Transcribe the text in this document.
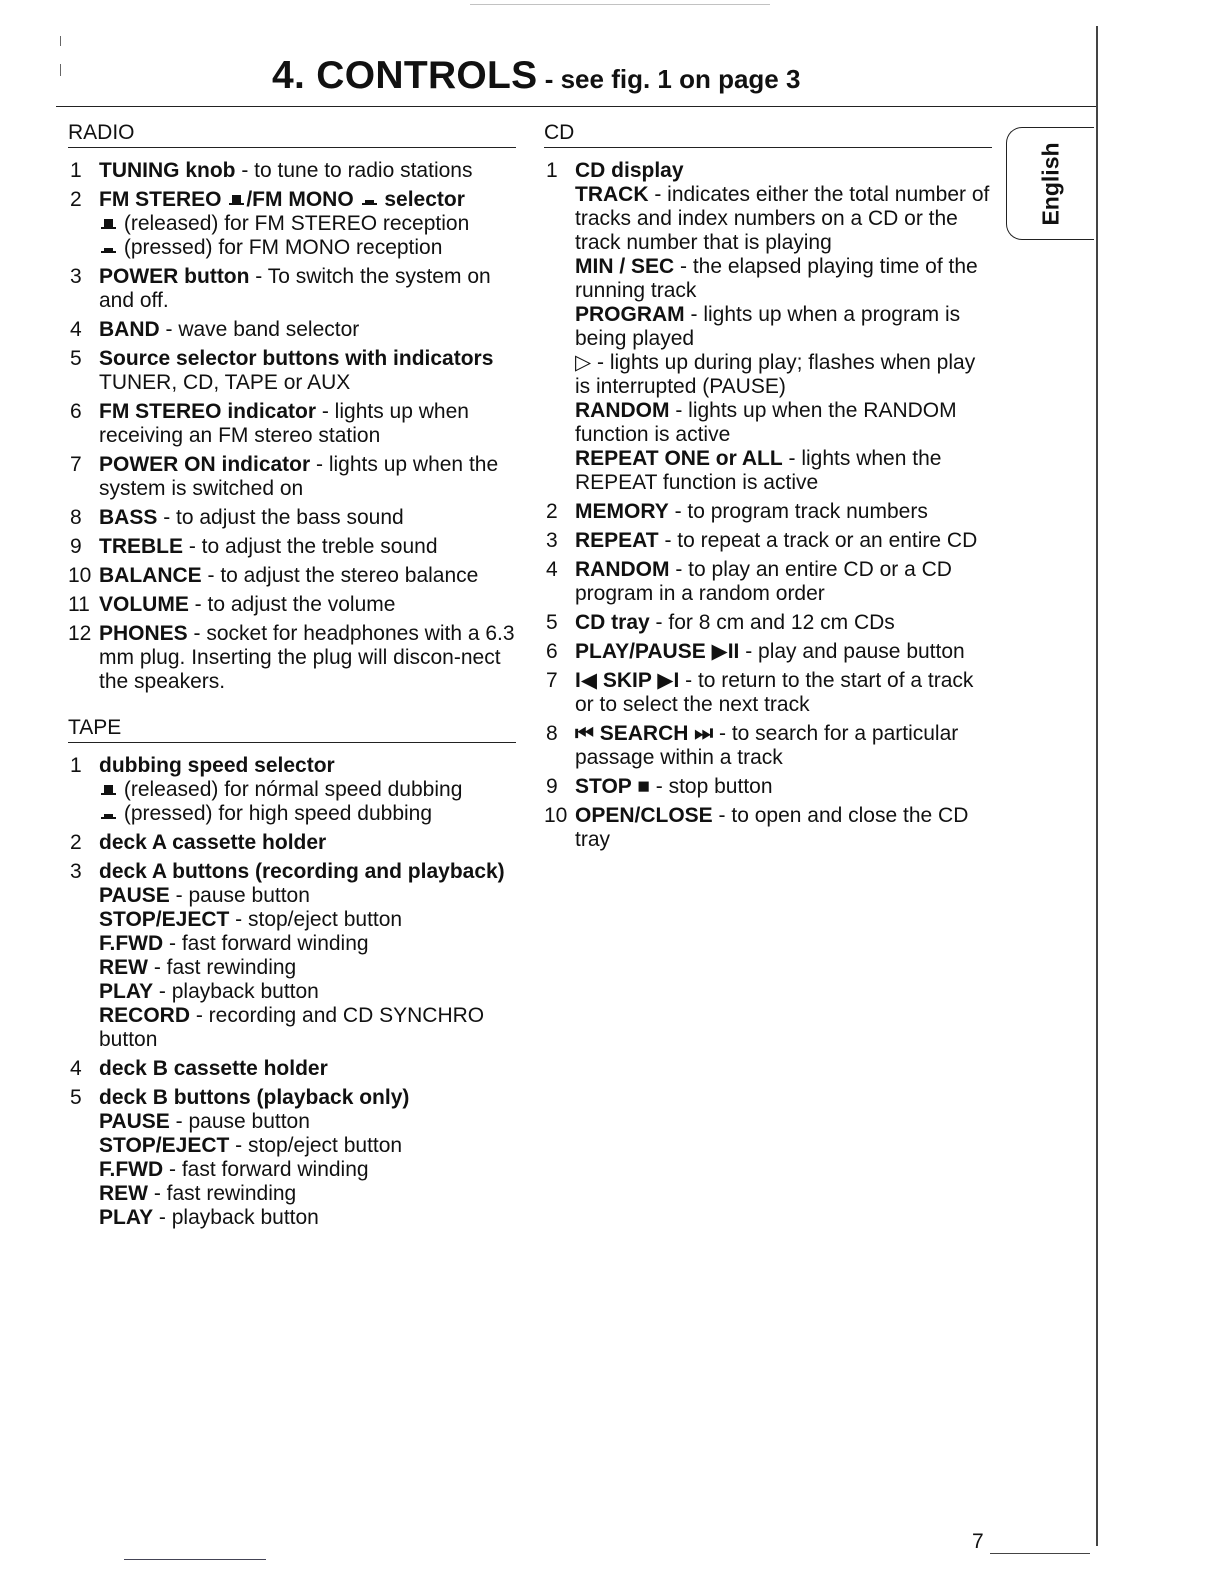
4. CONTROLS - see fig. 1 on page 3
English
RADIO
1 TUNING knob - to tune to radio stations
2 FM STEREO /FM MONO  selector
(released) for FM STEREO reception
(pressed) for FM MONO reception
3 POWER button - To switch the system on and off.
4 BAND - wave band selector
5 Source selector buttons with indicators
TUNER, CD, TAPE or AUX
6 FM STEREO indicator - lights up when receiving an FM stereo station
7 POWER ON indicator - lights up when the system is switched on
8 BASS - to adjust the bass sound
9 TREBLE - to adjust the treble sound
10 BALANCE - to adjust the stereo balance
11 VOLUME - to adjust the volume
12 PHONES - socket for headphones with a 6.3 mm plug. Inserting the plug will discon-nect the speakers.
TAPE
1 dubbing speed selector
(released) for nórmal speed dubbing
(pressed) for high speed dubbing
2 deck A cassette holder
3 deck A buttons (recording and playback)
PAUSE - pause button
STOP/EJECT - stop/eject button
F.FWD - fast forward winding
REW - fast rewinding
PLAY - playback button
RECORD - recording and CD SYNCHRO button
4 deck B cassette holder
5 deck B buttons (playback only)
PAUSE - pause button
STOP/EJECT - stop/eject button
F.FWD - fast forward winding
REW - fast rewinding
PLAY - playback button
CD
1 CD display
TRACK - indicates either the total number of tracks and index numbers on a CD or the track number that is playing
MIN / SEC - the elapsed playing time of the running track
PROGRAM - lights up when a program is being played
▷ - lights up during play; flashes when play is interrupted (PAUSE)
RANDOM - lights up when the RANDOM function is active
REPEAT ONE or ALL - lights when the REPEAT function is active
2 MEMORY - to program track numbers
3 REPEAT - to repeat a track or an entire CD
4 RANDOM - to play an entire CD or a CD program in a random order
5 CD tray - for 8 cm and 12 cm CDs
6 PLAY/PAUSE ▶II - play and pause button
7 I◀ SKIP ▶I - to return to the start of a track or to select the next track
8 ⏮ SEARCH ⏭ - to search for a particular passage within a track
9 STOP ■ - stop button
10 OPEN/CLOSE - to open and close the CD tray
7
